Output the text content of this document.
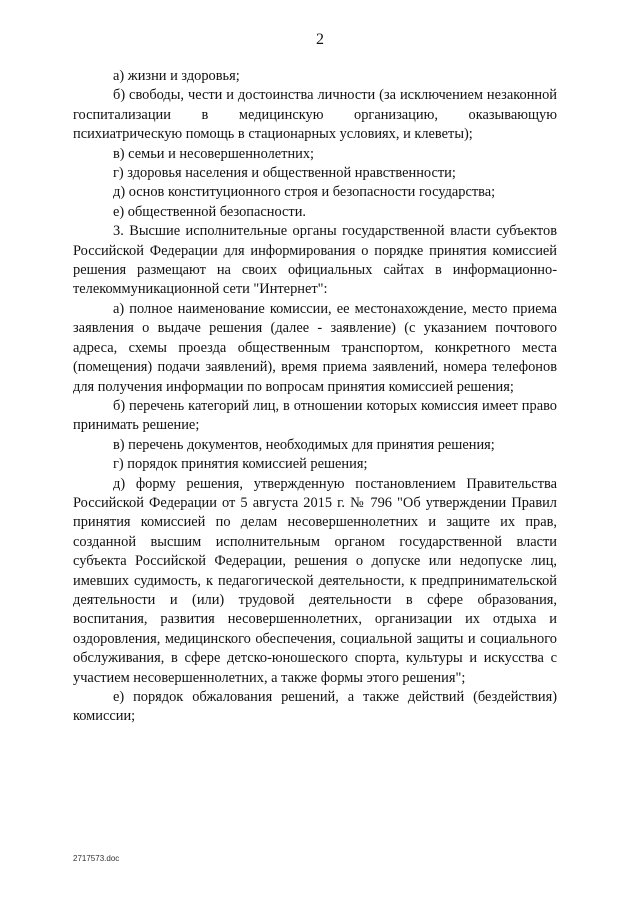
2

а) жизни и здоровья;

б) свободы, чести и достоинства личности (за исключением незаконной госпитализации в медицинскую организацию, оказывающую психиатрическую помощь в стационарных условиях, и клеветы);

в) семьи и несовершеннолетних;

г) здоровья населения и общественной нравственности;

д) основ конституционного строя и безопасности государства;

е) общественной безопасности.

3. Высшие исполнительные органы государственной власти субъектов Российской Федерации для информирования о порядке принятия комиссией решения размещают на своих официальных сайтах в информационно-телекоммуникационной сети "Интернет":

а) полное наименование комиссии, ее местонахождение, место приема заявления о выдаче решения (далее - заявление) (с указанием почтового адреса, схемы проезда общественным транспортом, конкретного места (помещения) подачи заявлений), время приема заявлений, номера телефонов для получения информации по вопросам принятия комиссией решения;

б) перечень категорий лиц, в отношении которых комиссия имеет право принимать решение;

в) перечень документов, необходимых для принятия решения;

г) порядок принятия комиссией решения;

д) форму решения, утвержденную постановлением Правительства Российской Федерации от 5 августа 2015 г. № 796 "Об утверждении Правил принятия комиссией по делам несовершеннолетних и защите их прав, созданной высшим исполнительным органом государственной власти субъекта Российской Федерации, решения о допуске или недопуске лиц, имевших судимость, к педагогической деятельности, к предпринимательской деятельности и (или) трудовой деятельности в сфере образования, воспитания, развития несовершеннолетних, организации их отдыха и оздоровления, медицинского обеспечения, социальной защиты и социального обслуживания, в сфере детско-юношеского спорта, культуры и искусства с участием несовершеннолетних, а также формы этого решения";

е) порядок обжалования решений, а также действий (бездействия) комиссии;

2717573.doc
